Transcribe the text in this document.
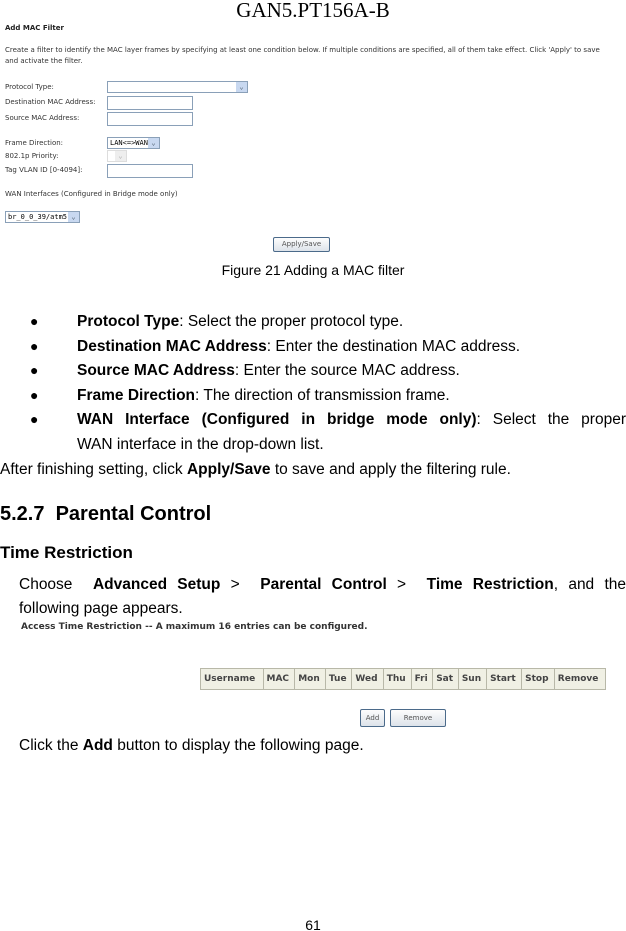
GAN5.PT156A-B
Add MAC Filter
Create a filter to identify the MAC layer frames by specifying at least one condition below. If multiple conditions are specified, all of them take effect. Click 'Apply' to save and activate the filter.
Protocol Type:	⌄
Destination MAC Address:
Source MAC Address:
Frame Direction:	LAN<=>WAN ⌄
802.1p Priority:	⌄
Tag VLAN ID [0-4094]:
WAN Interfaces (Configured in Bridge mode only)
br_0_0_39/atm5 ⌄
Apply/Save
Figure 21 Adding a MAC filter
● Protocol Type: Select the proper protocol type.
● Destination MAC Address: Enter the destination MAC address.
● Source MAC Address: Enter the source MAC address.
● Frame Direction: The direction of transmission frame.
● WAN Interface (Configured in bridge mode only): Select the proper
WAN interface in the drop-down list.
After finishing setting, click Apply/Save to save and apply the filtering rule.
5.2.7  Parental Control
Time Restriction
Choose  Advanced Setup >  Parental Control >  Time Restriction, and the
following page appears.
Access Time Restriction -- A maximum 16 entries can be configured.
Username	MAC	Mon	Tue	Wed	Thu	Fri	Sat	Sun	Start	Stop	Remove
Add	Remove
Click the Add button to display the following page.
61
